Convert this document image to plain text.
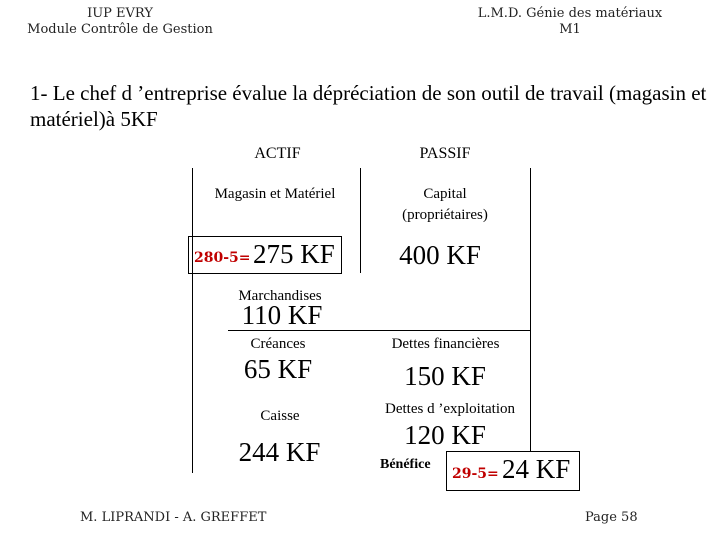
IUP EVRY
Module Contrôle de Gestion
L.M.D. Génie des matériaux
M1
1- Le chef d ’entreprise évalue la dépréciation de son outil de travail (magasin et matériel)à 5KF
ACTIF	PASSIF
Magasin et Matériel
280-5= 275 KF
Marchandises
110 KF
Créances
65 KF
Caisse
244 KF
Capital
(propriétaires)
400 KF
Dettes financières
150 KF
Dettes d ’exploitation
120 KF
Bénéfice
29-5= 24 KF
M. LIPRANDI - A. GREFFET	Page 58
